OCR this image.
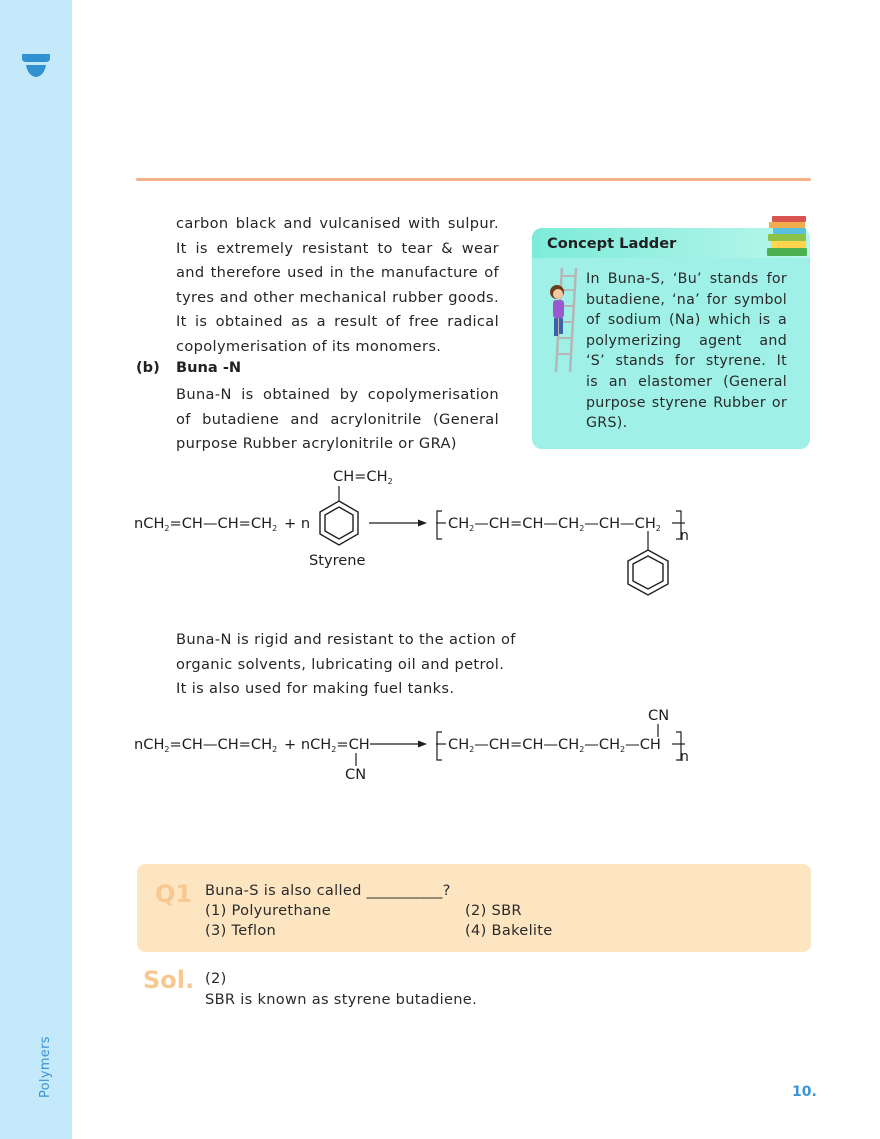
Polymers
carbon black and vulcanised with sulpur.
It is extremely resistant to tear & wear
and therefore used in the manufacture of
tyres and other mechanical rubber goods.
It is obtained as a result of free radical
copolymerisation of its monomers.
(b) Buna -N
Buna-N is obtained by copolymerisation
of butadiene and acrylonitrile (General
purpose Rubber acrylonitrile or GRA)
Concept Ladder
In Buna-S, ‘Bu’ stands for
butadiene, ‘na’ for symbol
of sodium (Na) which is a
polymerizing agent and
‘S’ stands for styrene. It
is an elastomer (General
purpose styrene Rubber or
GRS).
$nCH_2=CH—CH=CH_2 + n$
$CH=CH_2$
Styrene
$CH_2—CH=CH—CH_2—CH—CH_2$ n
$nCH_2=CH—CH=CH_2 + nCH_2=CH$
CN
$CH_2—CH=CH—CH_2—CH_2—CH$
n
CN
Buna-N is rigid and resistant to the action of
organic solvents, lubricating oil and petrol.
It is also used for making fuel tanks.
Q1 Buna-S is also called __________?
(1) Polyurethane	(2) SBR
(3) Teflon	(4) Bakelite
Sol. (2)
SBR is known as styrene butadiene.
10.
